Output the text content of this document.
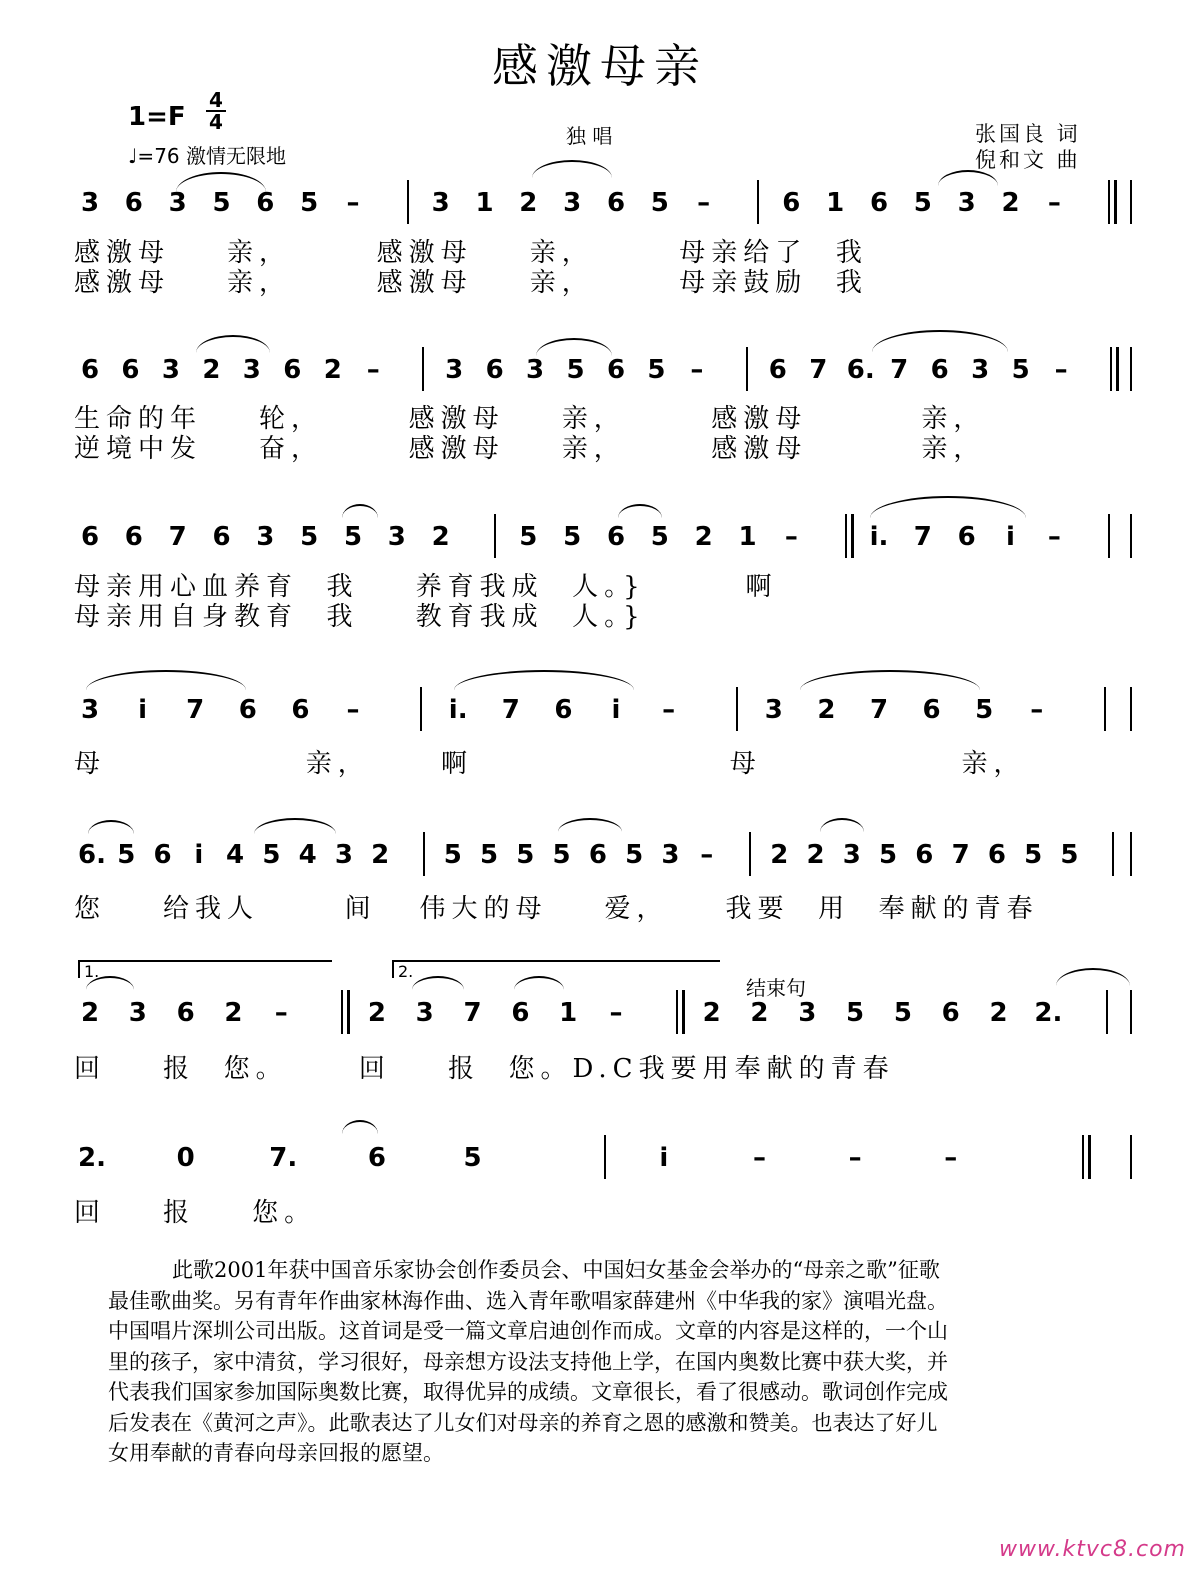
感激母亲
1=F
4
4
♩=76 激情无限地
独 唱	张国良 词
倪和文 曲
3 6 3 5 6 5 –	3 1 2 3 6 5 –	6 1 6 5 3 2 –
感激母    亲，      感激母    亲，      母亲给了  我
感激母    亲，      感激母    亲，      母亲鼓励  我
6 6 3 2 3 6 2 –	3 6 3 5 6 5 –	6 7 6. 7 6 3 5 –
生命的年    轮，      感激母    亲，      感激母        亲，
逆境中发    奋，      感激母    亲，      感激母        亲，
6 6 7 6 3 5 5 3 2	5 5 6 5 2 1 –	i. 7 6 i –
母亲用心血养育  我    养育我成  人。}       啊
母亲用自身教育  我    教育我成  人。}
3 i 7 6 6 –	i. 7 6 i –	3 2 7 6 5 –
母              亲，     啊                  母              亲，
6. 5 6 i 4 5 4 3 2 5 5 5 5 6 5 3 – 2 2 3 5 6 7 6 5 5
您    给我人      间   伟大的母    爱，    我要  用  奉献的青春
2 3 6 2 –	2 3 7 6 1 –	2 2 3 5 5 6 2 2.
回    报  您。     回    报  您。D.C我要用奉献的青春
2.	0	7.	6	5	i	–	–	–
回    报    您。
1.	2.
结束句
此歌2001年获中国音乐家协会创作委员会、中国妇女基金会举办的“母亲之歌”征歌
最佳歌曲奖。另有青年作曲家林海作曲、选入青年歌唱家薛建州《中华我的家》演唱光盘。
中国唱片深圳公司出版。这首词是受一篇文章启迪创作而成。文章的内容是这样的，一个山
里的孩子，家中清贫，学习很好，母亲想方设法支持他上学，在国内奥数比赛中获大奖，并
代表我们国家参加国际奥数比赛，取得优异的成绩。文章很长，看了很感动。歌词创作完成
后发表在《黄河之声》。此歌表达了儿女们对母亲的养育之恩的感激和赞美。也表达了好儿
女用奉献的青春向母亲回报的愿望。
www.ktvc8.com
